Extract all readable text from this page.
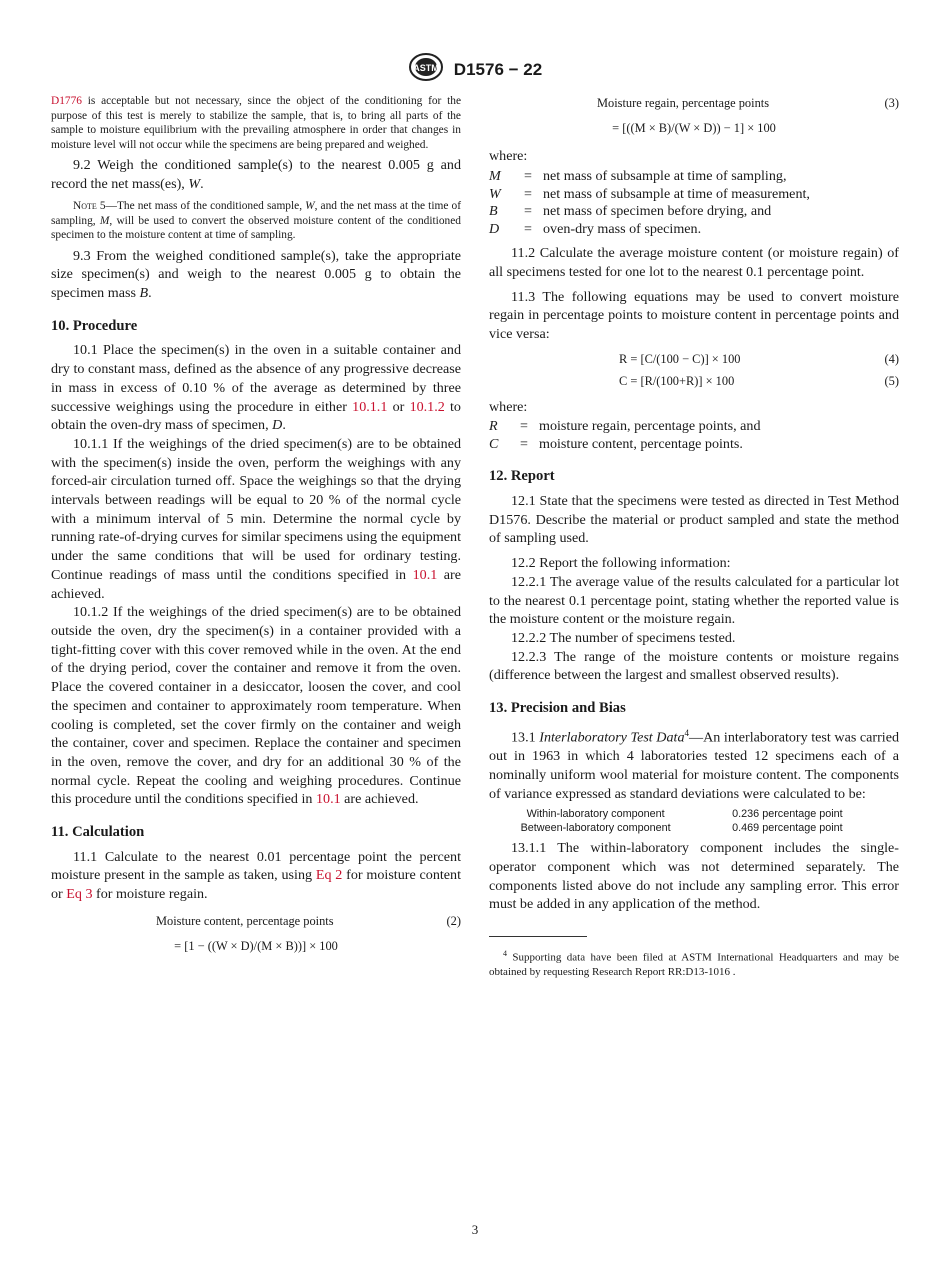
ASTM D1576 − 22

D1776 is acceptable but not necessary, since the object of the conditioning for the purpose of this test is merely to stabilize the sample, that is, to bring all parts of the sample to moisture equilibrium with the prevailing atmosphere in order that changes in moisture level will not occur while the specimens are being prepared and weighed.

9.2 Weigh the conditioned sample(s) to the nearest 0.005 g and record the net mass(es), W.

Note 5—The net mass of the conditioned sample, W, and the net mass at the time of sampling, M, will be used to convert the observed moisture content of the conditioned specimen to the moisture content at time of sampling.

9.3 From the weighed conditioned sample(s), take the appropriate size specimen(s) and weigh to the nearest 0.005 g to obtain the specimen mass B.

10. Procedure

10.1 Place the specimen(s) in the oven in a suitable container and dry to constant mass, defined as the absence of any progressive decrease in mass in excess of 0.10 % of the average as determined by three successive weighings using the procedure in either 10.1.1 or 10.1.2 to obtain the oven-dry mass of specimen, D.

10.1.1 If the weighings of the dried specimen(s) are to be obtained with the specimen(s) inside the oven, perform the weighings with any forced-air circulation turned off. Space the weighings so that the drying intervals between readings will be equal to 20 % of the normal cycle with a minimum interval of 5 min. Determine the normal cycle by running rate-of-drying curves for similar specimens using the equipment under the same conditions that will be used for ordinary testing. Continue readings of mass until the conditions specified in 10.1 are achieved.

10.1.2 If the weighings of the dried specimen(s) are to be obtained outside the oven, dry the specimen(s) in a container provided with a tight-fitting cover with this cover removed while in the oven. At the end of the drying period, cover the container and remove it from the oven. Place the covered container in a desiccator, loosen the cover, and cool the specimen and container to approximately room temperature. When cooling is completed, set the cover firmly on the container and weigh the container, cover and specimen. Replace the container and specimen in the oven, remove the cover, and dry for an additional 30 % of the normal cycle. Repeat the cooling and weighing procedures. Continue this procedure until the conditions specified in 10.1 are achieved.

11. Calculation

11.1 Calculate to the nearest 0.01 percentage point the percent moisture present in the sample as taken, using Eq 2 for moisture content or Eq 3 for moisture regain.

Moisture content, percentage points	(2)
= [1 − ((W × D)/(M × B))] × 100
Moisture regain, percentage points	(3)
= [((M × B)/(W × D)) − 1] × 100

where:

M	= net mass of subsample at time of sampling,
W	= net mass of subsample at time of measurement,
B	= net mass of specimen before drying, and
D	= oven-dry mass of specimen.

11.2 Calculate the average moisture content (or moisture regain) of all specimens tested for one lot to the nearest 0.1 percentage point.

11.3 The following equations may be used to convert moisture regain in percentage points to moisture content in percentage points and vice versa:

R = [C/(100 − C)] × 100	(4)
C = [R/(100+R)] × 100	(5)

where:

R	= moisture regain, percentage points, and
C	= moisture content, percentage points.
12. Report

12.1 State that the specimens were tested as directed in Test Method D1576. Describe the material or product sampled and state the method of sampling used.

12.2 Report the following information:

12.2.1 The average value of the results calculated for a particular lot to the nearest 0.1 percentage point, stating whether the reported value is the moisture content or the moisture regain.

12.2.2 The number of specimens tested.

12.2.3 The range of the moisture contents or moisture regains (difference between the largest and smallest observed results).

13. Precision and Bias

13.1 Interlaboratory Test Data$^4$—An interlaboratory test was carried out in 1963 in which 4 laboratories tested 12 specimens each of a nominally uniform wool material for moisture content. The components of variance expressed as standard deviations were calculated to be:

Within-laboratory component	0.236 percentage point
Between-laboratory component	0.469 percentage point

13.1.1 The within-laboratory component includes the single-operator component which was not determined separately. The components listed above do not include any sampling error. This error must be added in any application of the method.

$^4$ Supporting data have been filed at ASTM International Headquarters and may be obtained by requesting Research Report RR:D13-1016 .

3
